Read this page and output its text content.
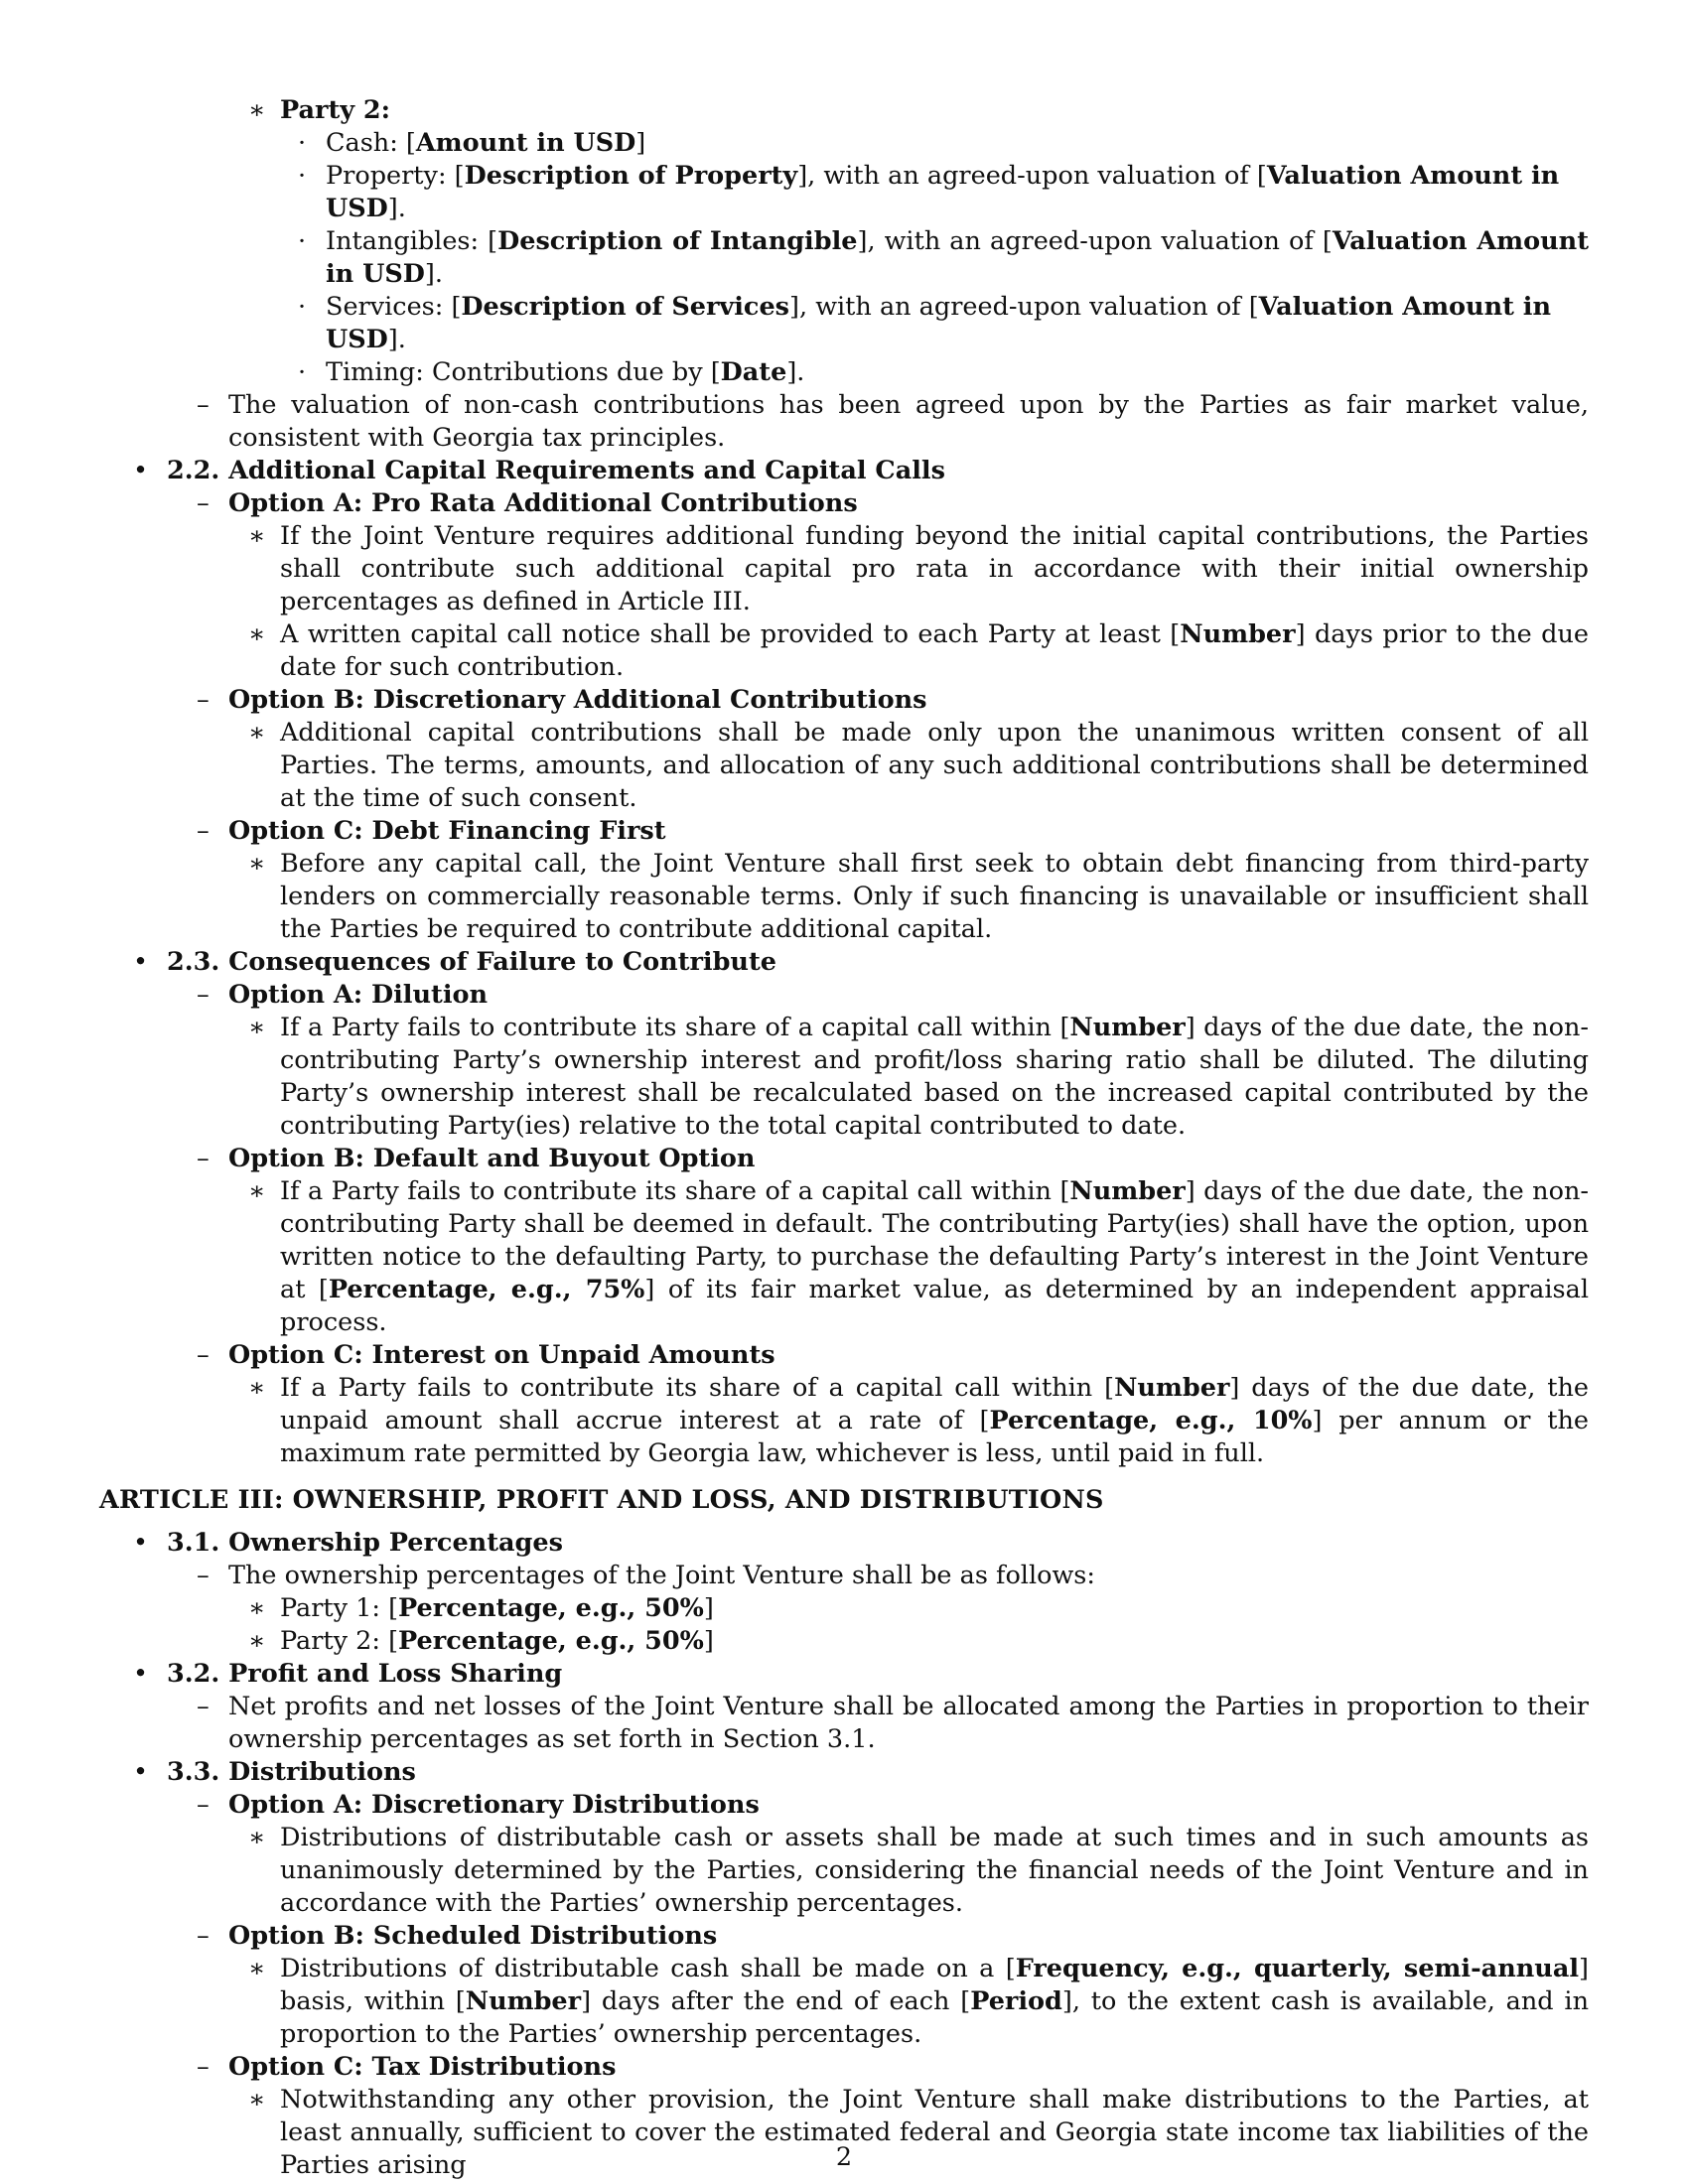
∗ Party 2:
· Cash: [Amount in USD]
· Property: [Description of Property], with an agreed-upon valuation of [Valuation Amount in USD].
· Intangibles: [Description of Intangible], with an agreed-upon valuation of [Valuation Amount in USD].
· Services: [Description of Services], with an agreed-upon valuation of [Valuation Amount in USD].
· Timing: Contributions due by [Date].
– The valuation of non-cash contributions has been agreed upon by the Parties as fair market value, consistent with Georgia tax principles.
• 2.2. Additional Capital Requirements and Capital Calls
– Option A: Pro Rata Additional Contributions
∗ If the Joint Venture requires additional funding beyond the initial capital contributions, the Parties shall contribute such additional capital pro rata in accordance with their initial ownership percentages as defined in Article III.
∗ A written capital call notice shall be provided to each Party at least [Number] days prior to the due date for such contribution.
– Option B: Discretionary Additional Contributions
∗ Additional capital contributions shall be made only upon the unanimous written consent of all Parties. The terms, amounts, and allocation of any such additional contributions shall be determined at the time of such consent.
– Option C: Debt Financing First
∗ Before any capital call, the Joint Venture shall first seek to obtain debt financing from third-party lenders on commercially reasonable terms. Only if such financing is unavailable or insufficient shall the Parties be required to contribute additional capital.
• 2.3. Consequences of Failure to Contribute
– Option A: Dilution
∗ If a Party fails to contribute its share of a capital call within [Number] days of the due date, the non-contributing Party’s ownership interest and profit/loss sharing ratio shall be diluted. The diluting Party’s ownership interest shall be recalculated based on the increased capital contributed by the contributing Party(ies) relative to the total capital contributed to date.
– Option B: Default and Buyout Option
∗ If a Party fails to contribute its share of a capital call within [Number] days of the due date, the non-contributing Party shall be deemed in default. The contributing Party(ies) shall have the option, upon written notice to the defaulting Party, to purchase the defaulting Party’s interest in the Joint Venture at [Percentage, e.g., 75%] of its fair market value, as determined by an independent appraisal process.
– Option C: Interest on Unpaid Amounts
∗ If a Party fails to contribute its share of a capital call within [Number] days of the due date, the unpaid amount shall accrue interest at a rate of [Percentage, e.g., 10%] per annum or the maximum rate permitted by Georgia law, whichever is less, until paid in full.
ARTICLE III: OWNERSHIP, PROFIT AND LOSS, AND DISTRIBUTIONS
• 3.1. Ownership Percentages
– The ownership percentages of the Joint Venture shall be as follows:
∗ Party 1: [Percentage, e.g., 50%]
∗ Party 2: [Percentage, e.g., 50%]
• 3.2. Profit and Loss Sharing
– Net profits and net losses of the Joint Venture shall be allocated among the Parties in proportion to their ownership percentages as set forth in Section 3.1.
• 3.3. Distributions
– Option A: Discretionary Distributions
∗ Distributions of distributable cash or assets shall be made at such times and in such amounts as unanimously determined by the Parties, considering the financial needs of the Joint Venture and in accordance with the Parties’ ownership percentages.
– Option B: Scheduled Distributions
∗ Distributions of distributable cash shall be made on a [Frequency, e.g., quarterly, semi-annual] basis, within [Number] days after the end of each [Period], to the extent cash is available, and in proportion to the Parties’ ownership percentages.
– Option C: Tax Distributions
∗ Notwithstanding any other provision, the Joint Venture shall make distributions to the Parties, at least annually, sufficient to cover the estimated federal and Georgia state income tax liabilities of the Parties arising	2
